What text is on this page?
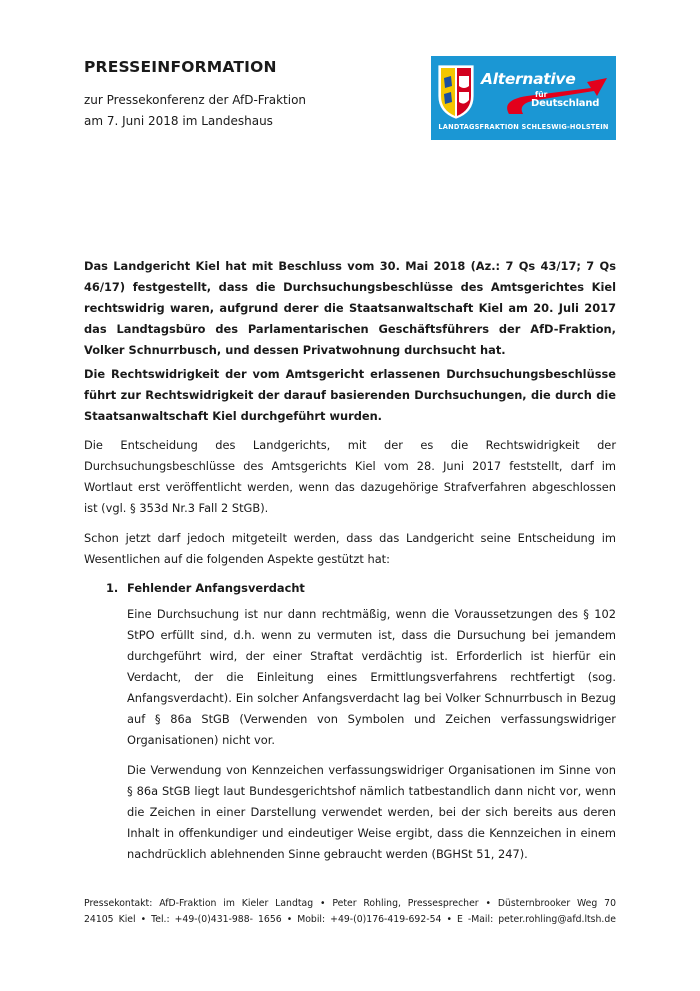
PRESSEINFORMATION
zur Pressekonferenz der AfD-Fraktion
am 7. Juni 2018 im Landeshaus
Alternative
für
Deutschland
LANDTAGSFRAKTION SCHLESWIG-HOLSTEIN

Das Landgericht Kiel hat mit Beschluss vom 30. Mai 2018 (Az.: 7 Qs 43/17; 7 Qs 46/17) festgestellt, dass die Durchsuchungsbeschlüsse des Amtsgerichtes Kiel rechtswidrig waren, aufgrund derer die Staatsanwaltschaft Kiel am 20. Juli 2017 das Landtagsbüro des Parlamentarischen Geschäftsführers der AfD-Fraktion, Volker Schnurrbusch, und dessen Privatwohnung durchsucht hat.

Die Rechtswidrigkeit der vom Amtsgericht erlassenen Durchsuchungsbeschlüsse führt zur Rechtswidrigkeit der darauf basierenden Durchsuchungen, die durch die Staatsanwaltschaft Kiel durchgeführt wurden.

Die Entscheidung des Landgerichts, mit der es die Rechtswidrigkeit der Durchsuchungsbeschlüsse des Amtsgerichts Kiel vom 28. Juni 2017 feststellt, darf im Wortlaut erst veröffentlicht werden, wenn das dazugehörige Strafverfahren abgeschlossen ist (vgl. § 353d Nr.3 Fall 2 StGB).

Schon jetzt darf jedoch mitgeteilt werden, dass das Landgericht seine Entscheidung im Wesentlichen auf die folgenden Aspekte gestützt hat:

1. Fehlender Anfangsverdacht

Eine Durchsuchung ist nur dann rechtmäßig, wenn die Voraussetzungen des § 102 StPO erfüllt sind, d.h. wenn zu vermuten ist, dass die Dursuchung bei jemandem durchgeführt wird, der einer Straftat verdächtig ist. Erforderlich ist hierfür ein Verdacht, der die Einleitung eines Ermittlungsverfahrens rechtfertigt (sog. Anfangsverdacht). Ein solcher Anfangsverdacht lag bei Volker Schnurrbusch in Bezug auf § 86a StGB (Verwenden von Symbolen und Zeichen verfassungswidriger Organisationen) nicht vor.

Die Verwendung von Kennzeichen verfassungswidriger Organisationen im Sinne von § 86a StGB liegt laut Bundesgerichtshof nämlich tatbestandlich dann nicht vor, wenn die Zeichen in einer Darstellung verwendet werden, bei der sich bereits aus deren Inhalt in offenkundiger und eindeutiger Weise ergibt, dass die Kennzeichen in einem nachdrücklich ablehnenden Sinne gebraucht werden (BGHSt 51, 247).

Pressekontakt: AfD-Fraktion im Kieler Landtag • Peter Rohling, Pressesprecher • Düsternbrooker Weg 70
24105 Kiel • Tel.: +49-(0)431-988- 1656 • Mobil: +49-(0)176-419-692-54 • E -Mail: peter.rohling@afd.ltsh.de
